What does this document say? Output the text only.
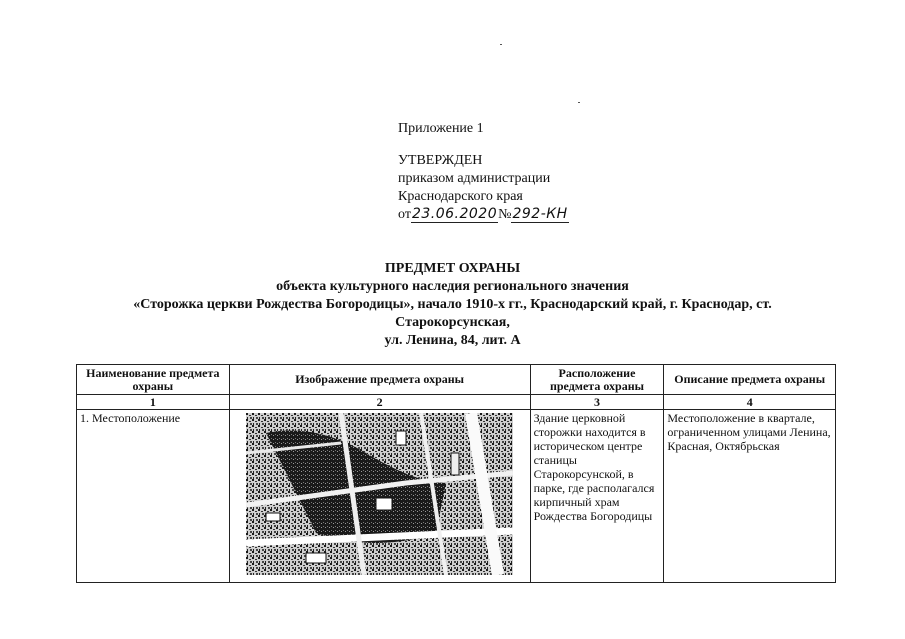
Приложение 1
УТВЕРЖДЕН
приказом администрации
Краснодарского края
от23.06.2020№292-КН
ПРЕДМЕТ ОХРАНЫ
объекта культурного наследия регионального значения
«Сторожка церкви Рождества Богородицы», начало 1910-х гг., Краснодарский край, г. Краснодар, ст.
Старокорсунская,
ул. Ленина, 84, лит. А
Наименование предмета охраны	Изображение предмета охраны	Расположение предмета охраны	Описание предмета охраны
1	2	3	4
1. Местоположение		Здание церковной сторожки находится в историческом центре станицы Старокорсунской, в парке, где располагался кирпичный храм Рождества Богородицы	Местоположение в квартале, ограниченном улицами Ленина, Красная, Октябрьская
